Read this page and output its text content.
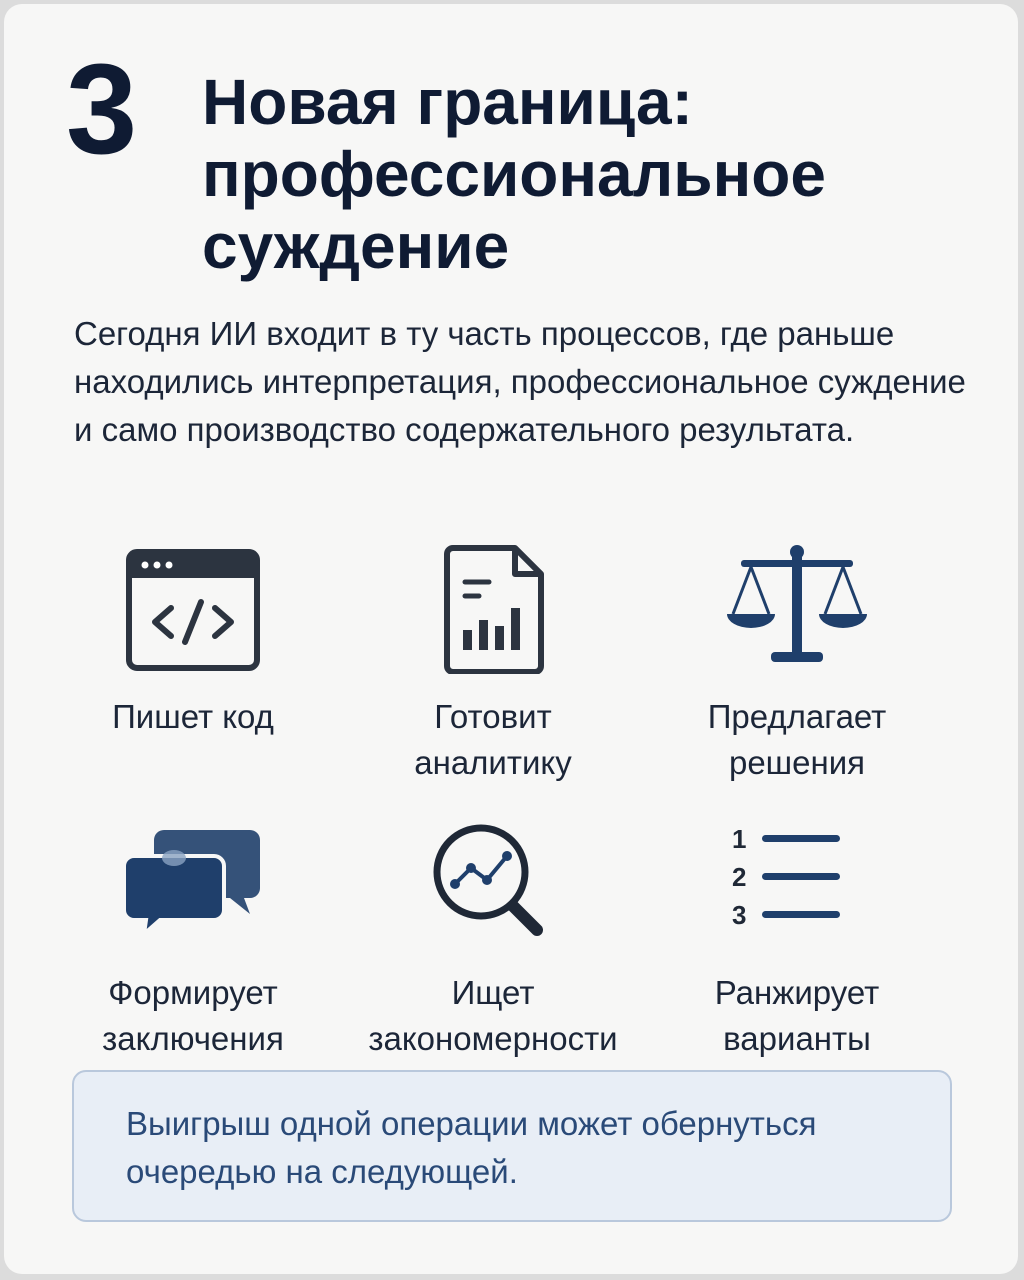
3 Новая граница: профессиональное суждение

Сегодня ИИ входит в ту часть процессов, где раньше находились интерпретация, профессиональное суждение и само производство содержательного результата.

Пишет код	Готовит
аналитику
Предлагает
решения
Формирует
заключения
Ищет
закономерности
1
2
3
Ранжирует
варианты

Выигрыш одной операции может обернуться очередью на следующей.
